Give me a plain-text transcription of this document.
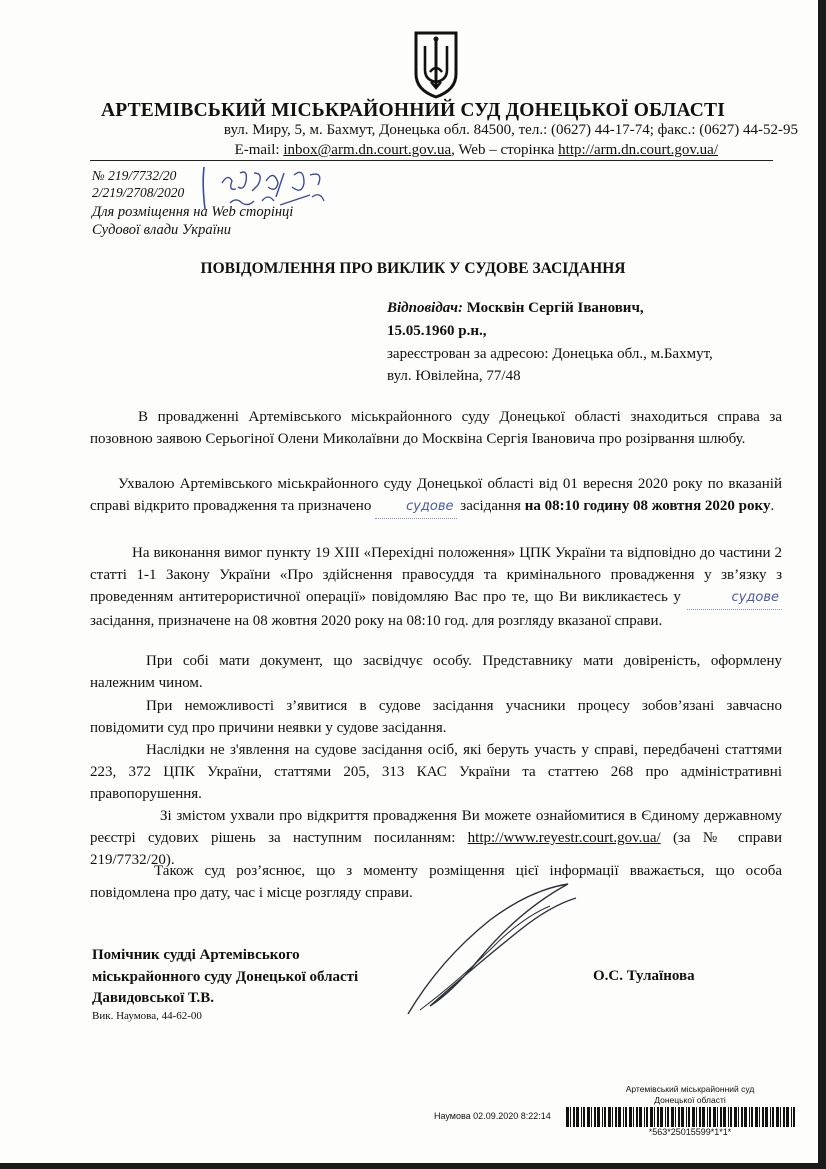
АРТЕМІВСЬКИЙ МІСЬКРАЙОННИЙ СУД ДОНЕЦЬКОЇ ОБЛАСТІ
вул. Миру, 5, м. Бахмут, Донецька обл. 84500, тел.: (0627) 44-17-74; факс.: (0627) 44-52-95
E-mail: inbox@arm.dn.court.gov.ua, Web – сторінка http://arm.dn.court.gov.ua/
№ 219/7732/20
2/219/2708/2020
Для розміщення на Web сторінці
Судової влади України
ПОВІДОМЛЕННЯ ПРО ВИКЛИК У СУДОВЕ ЗАСІДАННЯ
Відповідач: Москвін Сергій Іванович,
15.05.1960 р.н.,
зареєстрован за адресою: Донецька обл., м.Бахмут,
вул. Ювілейна, 77/48

В провадженні Артемівського міськрайонного суду Донецької області знаходиться справа за позовною заявою Серьогіної Олени Миколаївни до Москвіна Сергія Івановича про розірвання шлюбу.

Ухвалою Артемівського міськрайонного суду Донецької області від 01 вересня 2020 року по вказаній справі відкрито провадження та призначено судове засідання на 08:10 годину 08 жовтня 2020 року.

На виконання вимог пункту 19 ХІІІ «Перехідні положення» ЦПК України та відповідно до частини 2 статті 1-1 Закону України «Про здійснення правосуддя та кримінального провадження у зв’язку з проведенням антитерористичної операції» повідомляю Вас про те, що Ви викликаєтесь у	судове засідання, призначене на 08 жовтня 2020 року на 08:10 год. для розгляду вказаної справи.

При собі мати документ, що засвідчує особу. Представнику мати довіреність, оформлену належним чином.

При неможливості з’явитися в судове засідання учасники процесу зобов’язані завчасно повідомити суд про причини неявки у судове засідання.

Наслідки не з'явлення на судове засідання осіб, які беруть участь у справі, передбачені статтями 223, 372 ЦПК України, статтями 205, 313 КАС України та статтею 268 про адміністративні правопорушення.

Зі змістом ухвали про відкриття провадження Ви можете ознайомитися в Єдиному державному реєстрі судових рішень за наступним посиланням: http://www.reyestr.court.gov.ua/ (за № справи 219/7732/20).

Також суд роз’яснює, що з моменту розміщення цієї інформації вважається, що особа повідомлена про дату, час і місце розгляду справи.

Помічник судді Артемівського
міськрайонного суду Донецької області
Давидовської Т.В.
Вик. Наумова, 44-62-00
О.С. Тулаїнова
Артемівський міськрайонний суд
Донецької області
Наумова 02.09.2020 8:22:14
*563*25015599*1*1*
